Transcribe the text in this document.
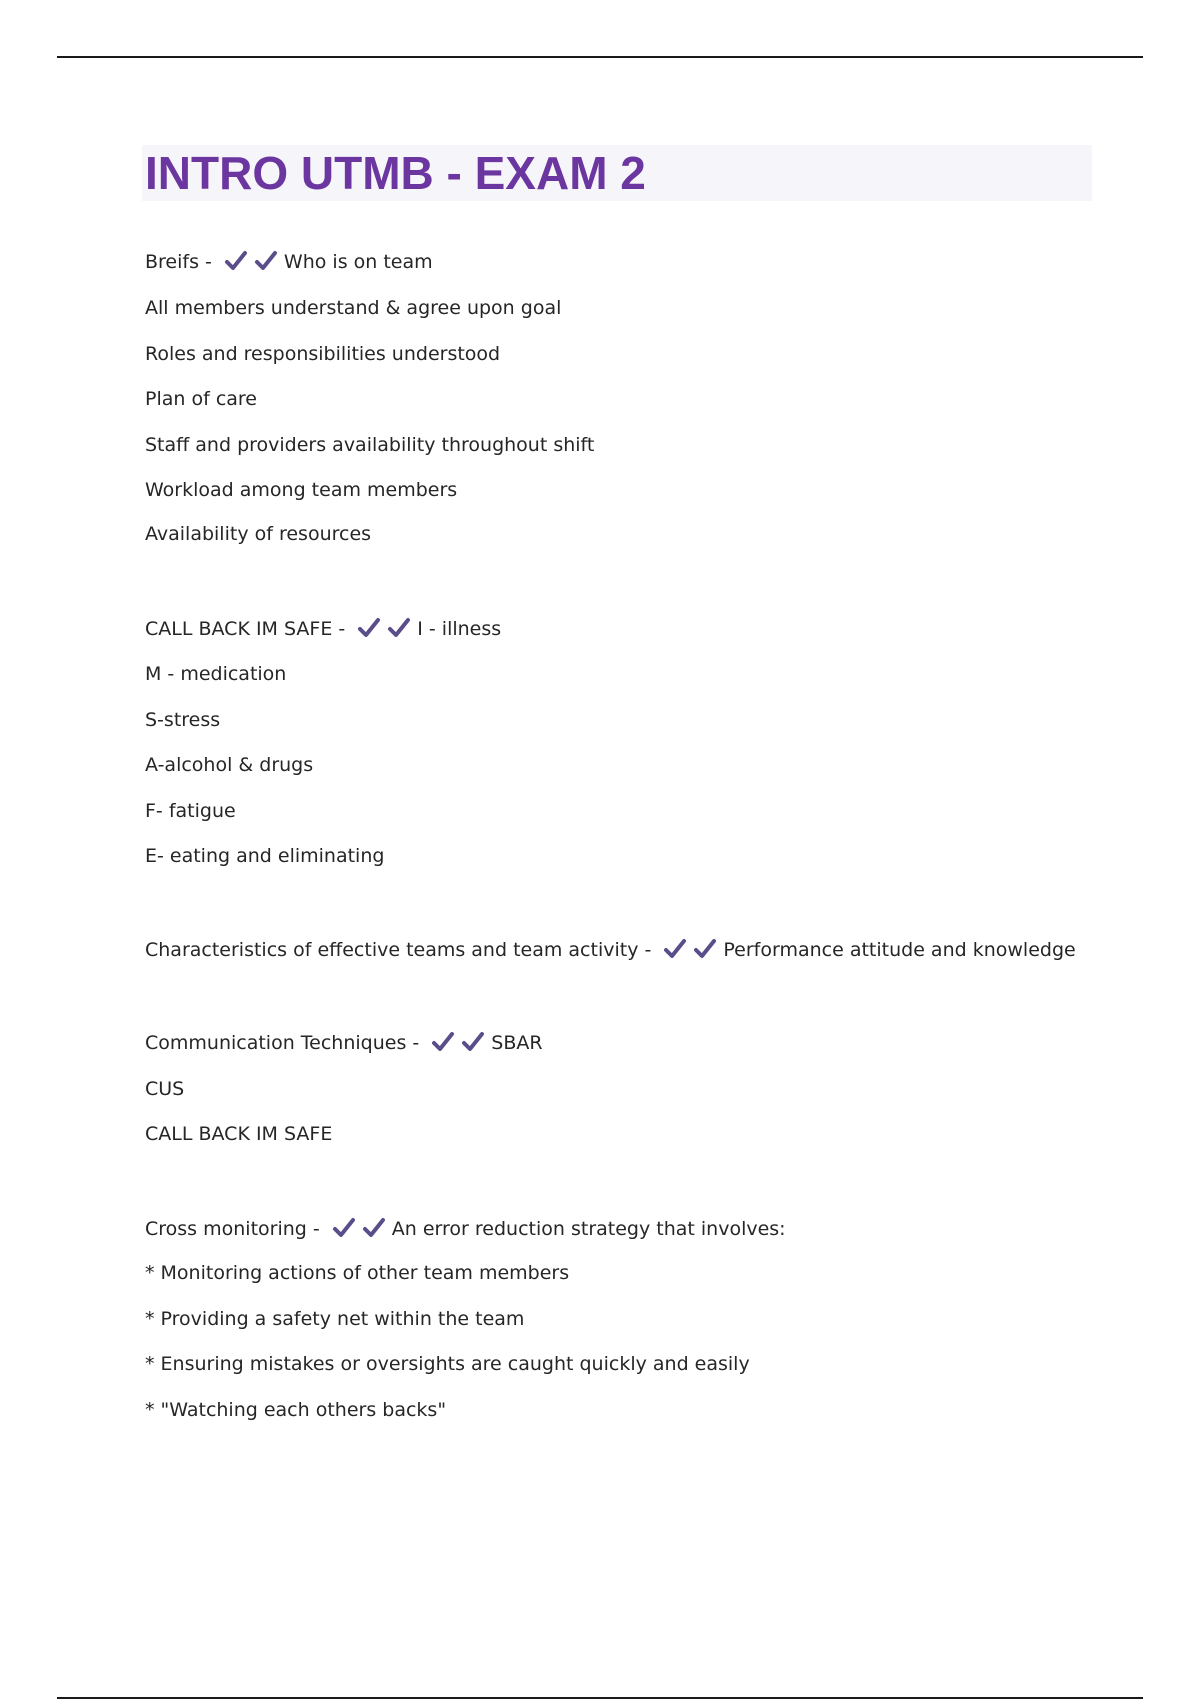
INTRO UTMB - EXAM 2
Breifs -	Who is on team
All members understand & agree upon goal
Roles and responsibilities understood
Plan of care
Staff and providers availability throughout shift
Workload among team members
Availability of resources
CALL BACK IM SAFE -	I - illness
M - medication
S-stress
A-alcohol & drugs
F- fatigue
E- eating and eliminating
Characteristics of effective teams and team activity -	Performance attitude and knowledge
Communication Techniques -	SBAR
CUS
CALL BACK IM SAFE
Cross monitoring -	An error reduction strategy that involves:
* Monitoring actions of other team members
* Providing a safety net within the team
* Ensuring mistakes or oversights are caught quickly and easily
* "Watching each others backs"
